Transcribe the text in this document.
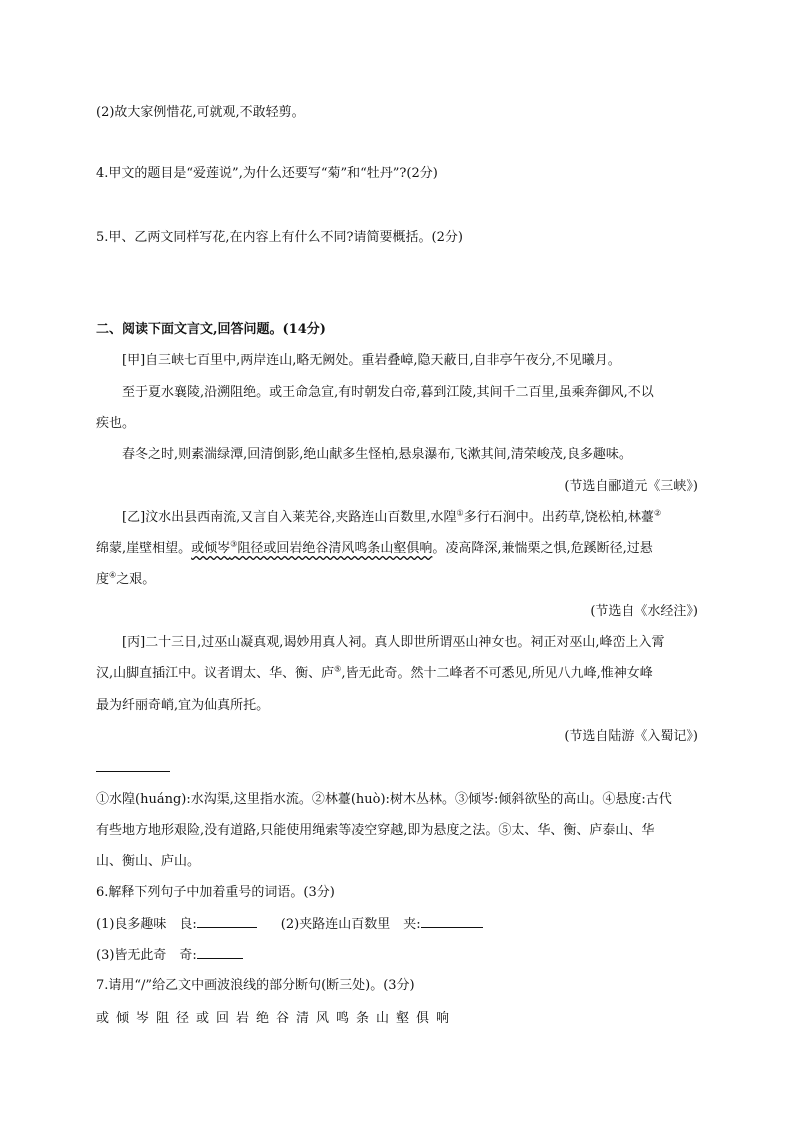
(2)故大家例惜花,可就观,不敢轻剪。
4.甲文的题目是“爱莲说”,为什么还要写“菊”和“牡丹”?(2分)
5.甲、乙两文同样写花,在内容上有什么不同?请简要概括。(2分)
二、阅读下面文言文,回答问题。(14分)
[甲]自三峡七百里中,两岸连山,略无阙处。重岩叠嶂,隐天蔽日,自非亭午夜分,不见曦月。
至于夏水襄陵,沿溯阻绝。或王命急宣,有时朝发白帝,暮到江陵,其间千二百里,虽乘奔御风,不以
疾也。
春冬之时,则素湍绿潭,回清倒影,绝山献多生怪柏,悬泉瀑布,飞漱其间,清荣峻茂,良多趣味。
(节选自郦道元《三峡》)
[乙]汶水出县西南流,又言自入莱芜谷,夹路连山百数里,水隍①多行石涧中。出药草,饶松柏,林薹②
绵蒙,崖壁相望。或倾岑③阻径或回岩绝谷清风鸣条山壑俱响。凌高降深,兼惴栗之惧,危蹊断径,过悬
度④之艰。
(节选自《水经注》)
[丙]二十三日,过巫山凝真观,谒妙用真人祠。真人即世所谓巫山神女也。祠正对巫山,峰峦上入霄
汉,山脚直插江中。议者谓太、华、衡、庐⑤,皆无此奇。然十二峰者不可悉见,所见八九峰,惟神女峰
最为纤丽奇峭,宜为仙真所托。
(节选自陆游《入蜀记》)
①水隍(huáng):水沟渠,这里指水流。②林薹(huò):树木丛林。③倾岑:倾斜欲坠的高山。④悬度:古代
有些地方地形艰险,没有道路,只能使用绳索等凌空穿越,即为悬度之法。⑤太、华、衡、庐泰山、华
山、衡山、庐山。
6.解释下列句子中加着重号的词语。(3分)
(1)良多趣味　良:	(2)夹路连山百数里　夹:
(3)皆无此奇　奇:
7.请用“/”给乙文中画波浪线的部分断句(断三处)。(3分)
或倾岑阻径或回岩绝谷清风鸣条山壑俱响
